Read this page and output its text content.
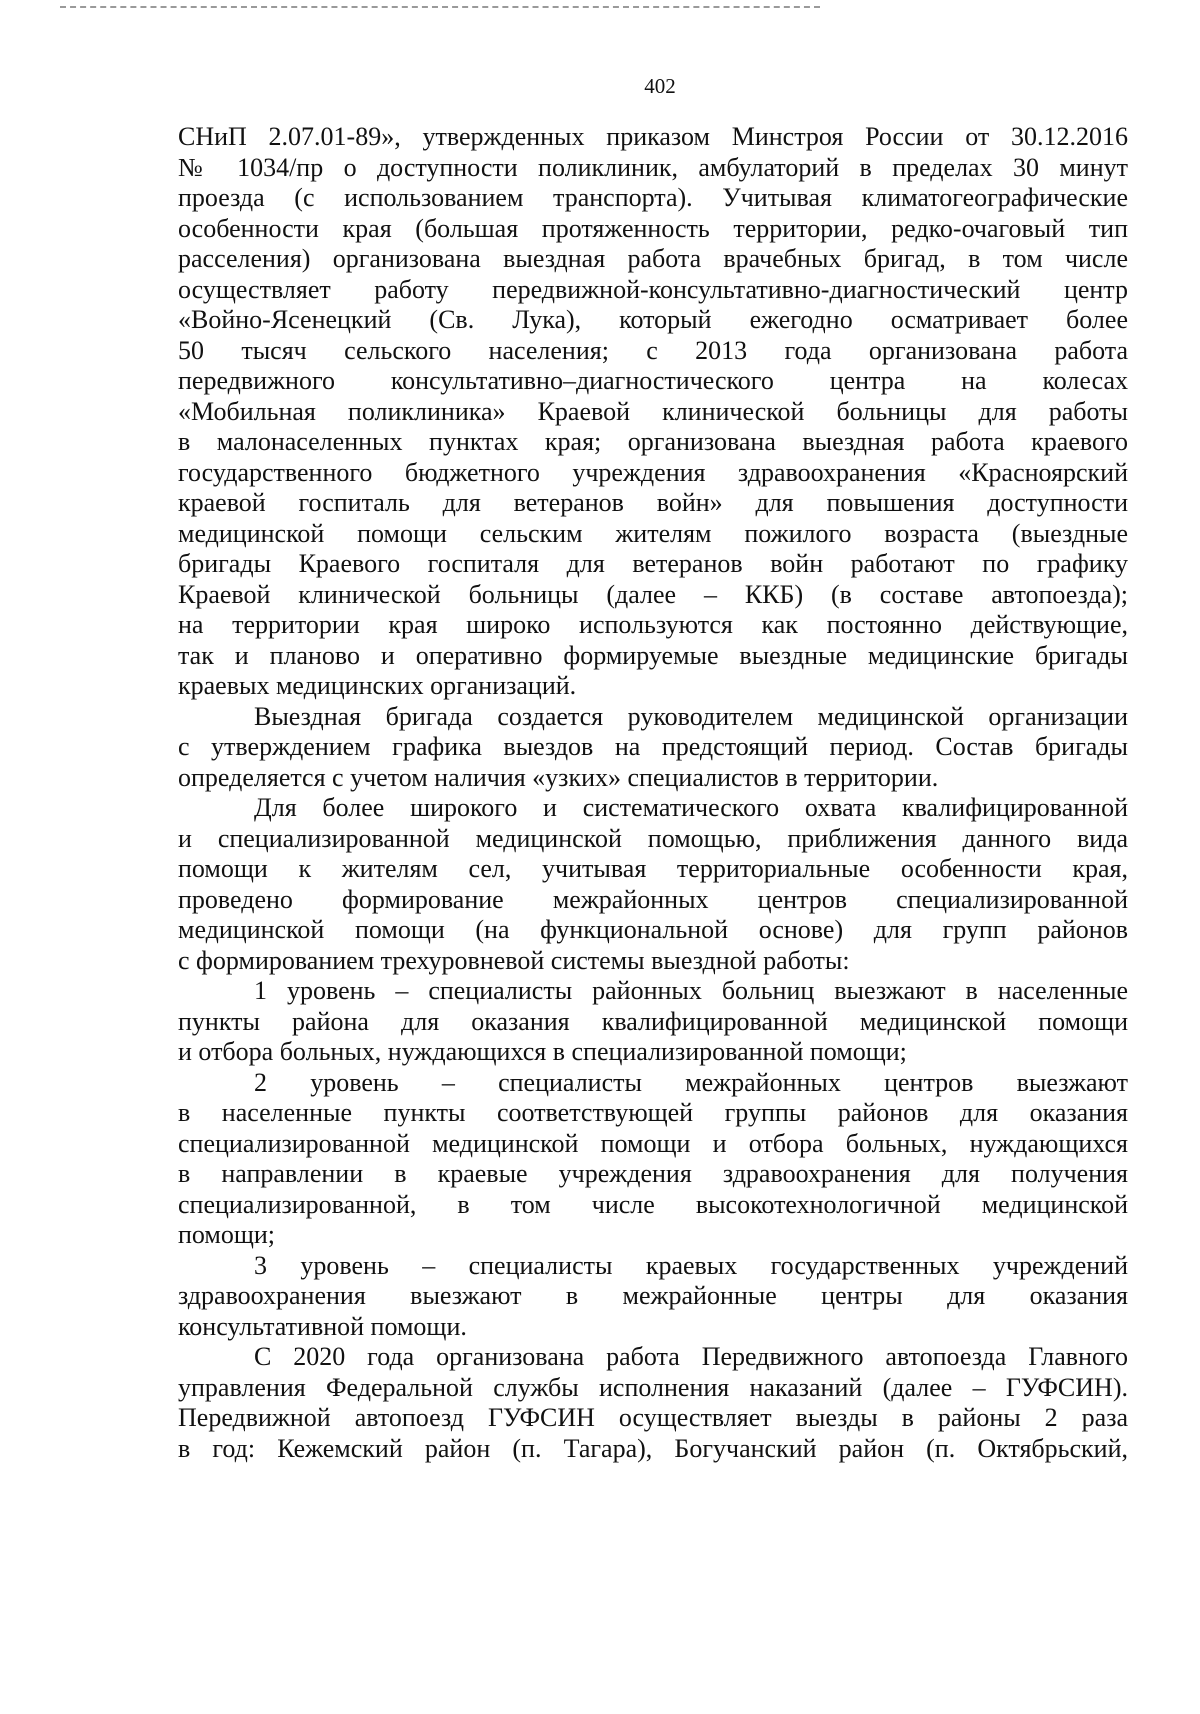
402
СНиП 2.07.01-89», утвержденных приказом Минстроя России от 30.12.2016
№ 1034/пр о доступности поликлиник, амбулаторий в пределах 30 минут
проезда (с использованием транспорта). Учитывая климатогеографические
особенности края (большая протяженность территории, редко-очаговый тип
расселения) организована выездная работа врачебных бригад, в том числе
осуществляет работу передвижной-консультативно-диагностический центр
«Войно-Ясенецкий (Св. Лука), который ежегодно осматривает более
50 тысяч сельского населения; с 2013 года организована работа
передвижного консультативно–диагностического центра на колесах
«Мобильная поликлиника» Краевой клинической больницы для работы
в малонаселенных пунктах края; организована выездная работа краевого
государственного бюджетного учреждения здравоохранения «Красноярский
краевой госпиталь для ветеранов войн» для повышения доступности
медицинской помощи сельским жителям пожилого возраста (выездные
бригады Краевого госпиталя для ветеранов войн работают по графику
Краевой клинической больницы (далее – ККБ) (в составе автопоезда);
на территории края широко используются как постоянно действующие,
так и планово и оперативно формируемые выездные медицинские бригады
краевых медицинских организаций.
Выездная бригада создается руководителем медицинской организации
с утверждением графика выездов на предстоящий период. Состав бригады
определяется с учетом наличия «узких» специалистов в территории.
Для более широкого и систематического охвата квалифицированной
и специализированной медицинской помощью, приближения данного вида
помощи к жителям сел, учитывая территориальные особенности края,
проведено формирование межрайонных центров специализированной
медицинской помощи (на функциональной основе) для групп районов
с формированием трехуровневой системы выездной работы:
1 уровень – специалисты районных больниц выезжают в населенные
пункты района для оказания квалифицированной медицинской помощи
и отбора больных, нуждающихся в специализированной помощи;
2 уровень – специалисты межрайонных центров выезжают
в населенные пункты соответствующей группы районов для оказания
специализированной медицинской помощи и отбора больных, нуждающихся
в направлении в краевые учреждения здравоохранения для получения
специализированной, в том числе высокотехнологичной медицинской
помощи;
3 уровень – специалисты краевых государственных учреждений
здравоохранения выезжают в межрайонные центры для оказания
консультативной помощи.
С 2020 года организована работа Передвижного автопоезда Главного
управления Федеральной службы исполнения наказаний (далее – ГУФСИН).
Передвижной автопоезд ГУФСИН осуществляет выезды в районы 2 раза
в год: Кежемский район (п. Тагара), Богучанский район (п. Октябрьский,
